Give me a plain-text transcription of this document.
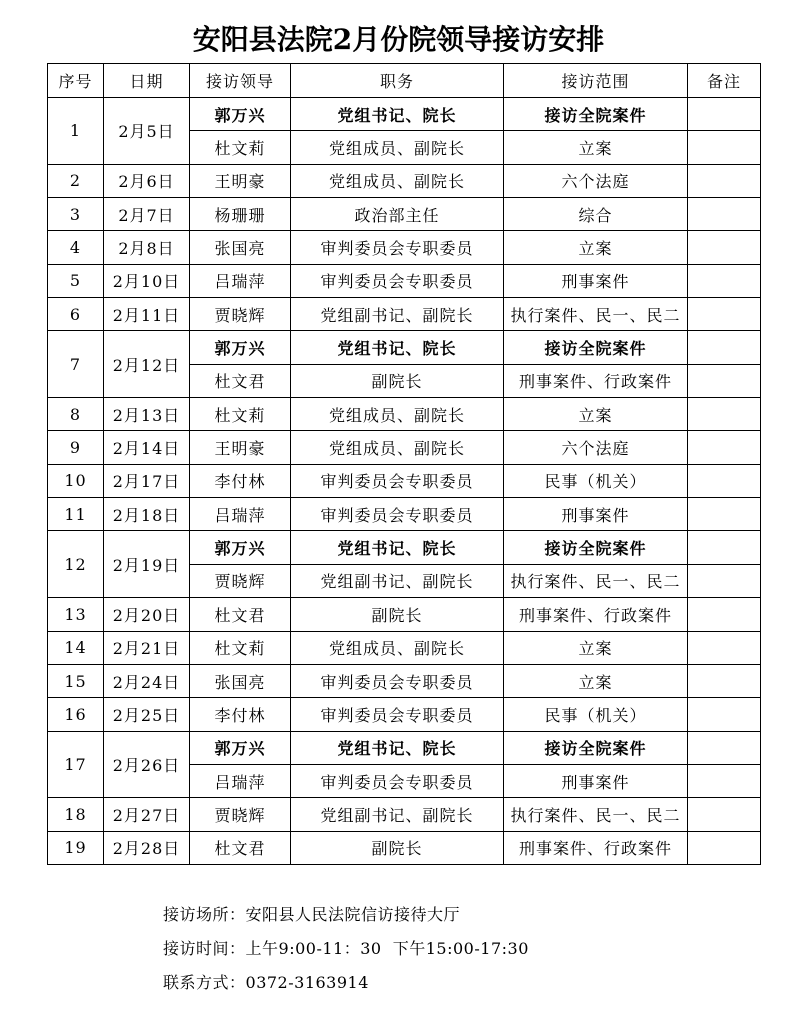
安阳县法院2月份院领导接访安排
序号	日期	接访领导	职务	接访范围	备注
1	2月5日	郭万兴	党组书记、院长	接访全院案件	
		杜文莉	党组成员、副院长	立案	
2	2月6日	王明豪	党组成员、副院长	六个法庭	
3	2月7日	杨珊珊	政治部主任	综合	
4	2月8日	张国亮	审判委员会专职委员	立案	
5	2月10日	吕瑞萍	审判委员会专职委员	刑事案件	
6	2月11日	贾晓辉	党组副书记、副院长	执行案件、民一、民二	
7	2月12日	郭万兴	党组书记、院长	接访全院案件	
		杜文君	副院长	刑事案件、行政案件	
8	2月13日	杜文莉	党组成员、副院长	立案	
9	2月14日	王明豪	党组成员、副院长	六个法庭	
10	2月17日	李付林	审判委员会专职委员	民事（机关）	
11	2月18日	吕瑞萍	审判委员会专职委员	刑事案件	
12	2月19日	郭万兴	党组书记、院长	接访全院案件	
		贾晓辉	党组副书记、副院长	执行案件、民一、民二	
13	2月20日	杜文君	副院长	刑事案件、行政案件	
14	2月21日	杜文莉	党组成员、副院长	立案	
15	2月24日	张国亮	审判委员会专职委员	立案	
16	2月25日	李付林	审判委员会专职委员	民事（机关）	
17	2月26日	郭万兴	党组书记、院长	接访全院案件	
		吕瑞萍	审判委员会专职委员	刑事案件	
18	2月27日	贾晓辉	党组副书记、副院长	执行案件、民一、民二	
19	2月28日	杜文君	副院长	刑事案件、行政案件	
接访场所：安阳县人民法院信访接待大厅
接访时间：上午9:00-11：30  下午15:00-17:30
联系方式：0372-3163914
